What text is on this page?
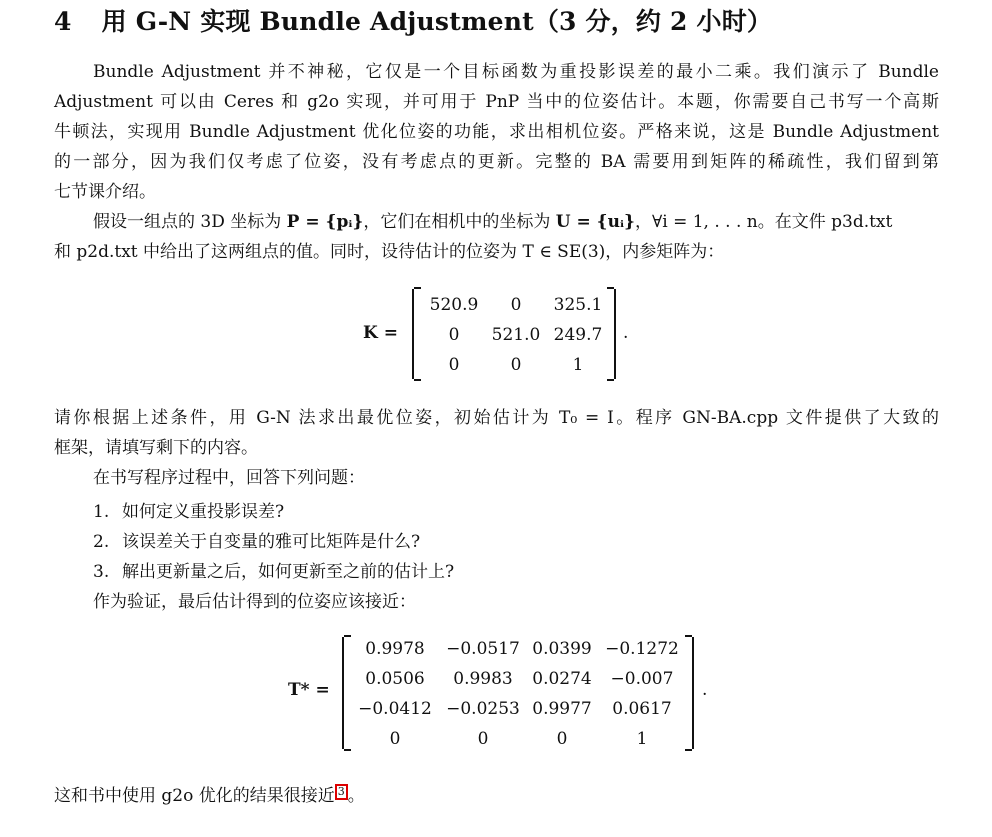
4 用 G-N 实现 Bundle Adjustment（3 分，约 2 小时）
Bundle Adjustment 并不神秘，它仅是一个目标函数为重投影误差的最小二乘。我们演示了 Bundle
Adjustment 可以由 Ceres 和 g2o 实现，并可用于 PnP 当中的位姿估计。本题，你需要自己书写一个高斯
牛顿法，实现用 Bundle Adjustment 优化位姿的功能，求出相机位姿。严格来说，这是 Bundle Adjustment
的一部分，因为我们仅考虑了位姿，没有考虑点的更新。完整的 BA 需要用到矩阵的稀疏性，我们留到第
七节课介绍。
假设一组点的 3D 坐标为 P = {pᵢ}，它们在相机中的坐标为 U = {uᵢ}，∀i = 1, . . . n。在文件 p3d.txt
和 p2d.txt 中给出了这两组点的值。同时，设待估计的位姿为 T ∈ SE(3)，内参矩阵为：
K =
520.9	0	325.1
0	521.0 249.7
0	0	1
.
请你根据上述条件，用 G-N 法求出最优位姿，初始估计为 T₀ = I。程序 GN-BA.cpp 文件提供了大致的
框架，请填写剩下的内容。
在书写程序过程中，回答下列问题：
1. 如何定义重投影误差?
2. 该误差关于自变量的雅可比矩阵是什么?
3. 解出更新量之后，如何更新至之前的估计上?
作为验证，最后估计得到的位姿应该接近：
T* =
0.9978	−0.0517 0.0399 −0.1272
0.0506	0.9983	0.0274	−0.007
−0.0412 −0.0253 0.9977	0.0617
0	0	0	1
.
这和书中使用 g2o 优化的结果很接近 3 。
